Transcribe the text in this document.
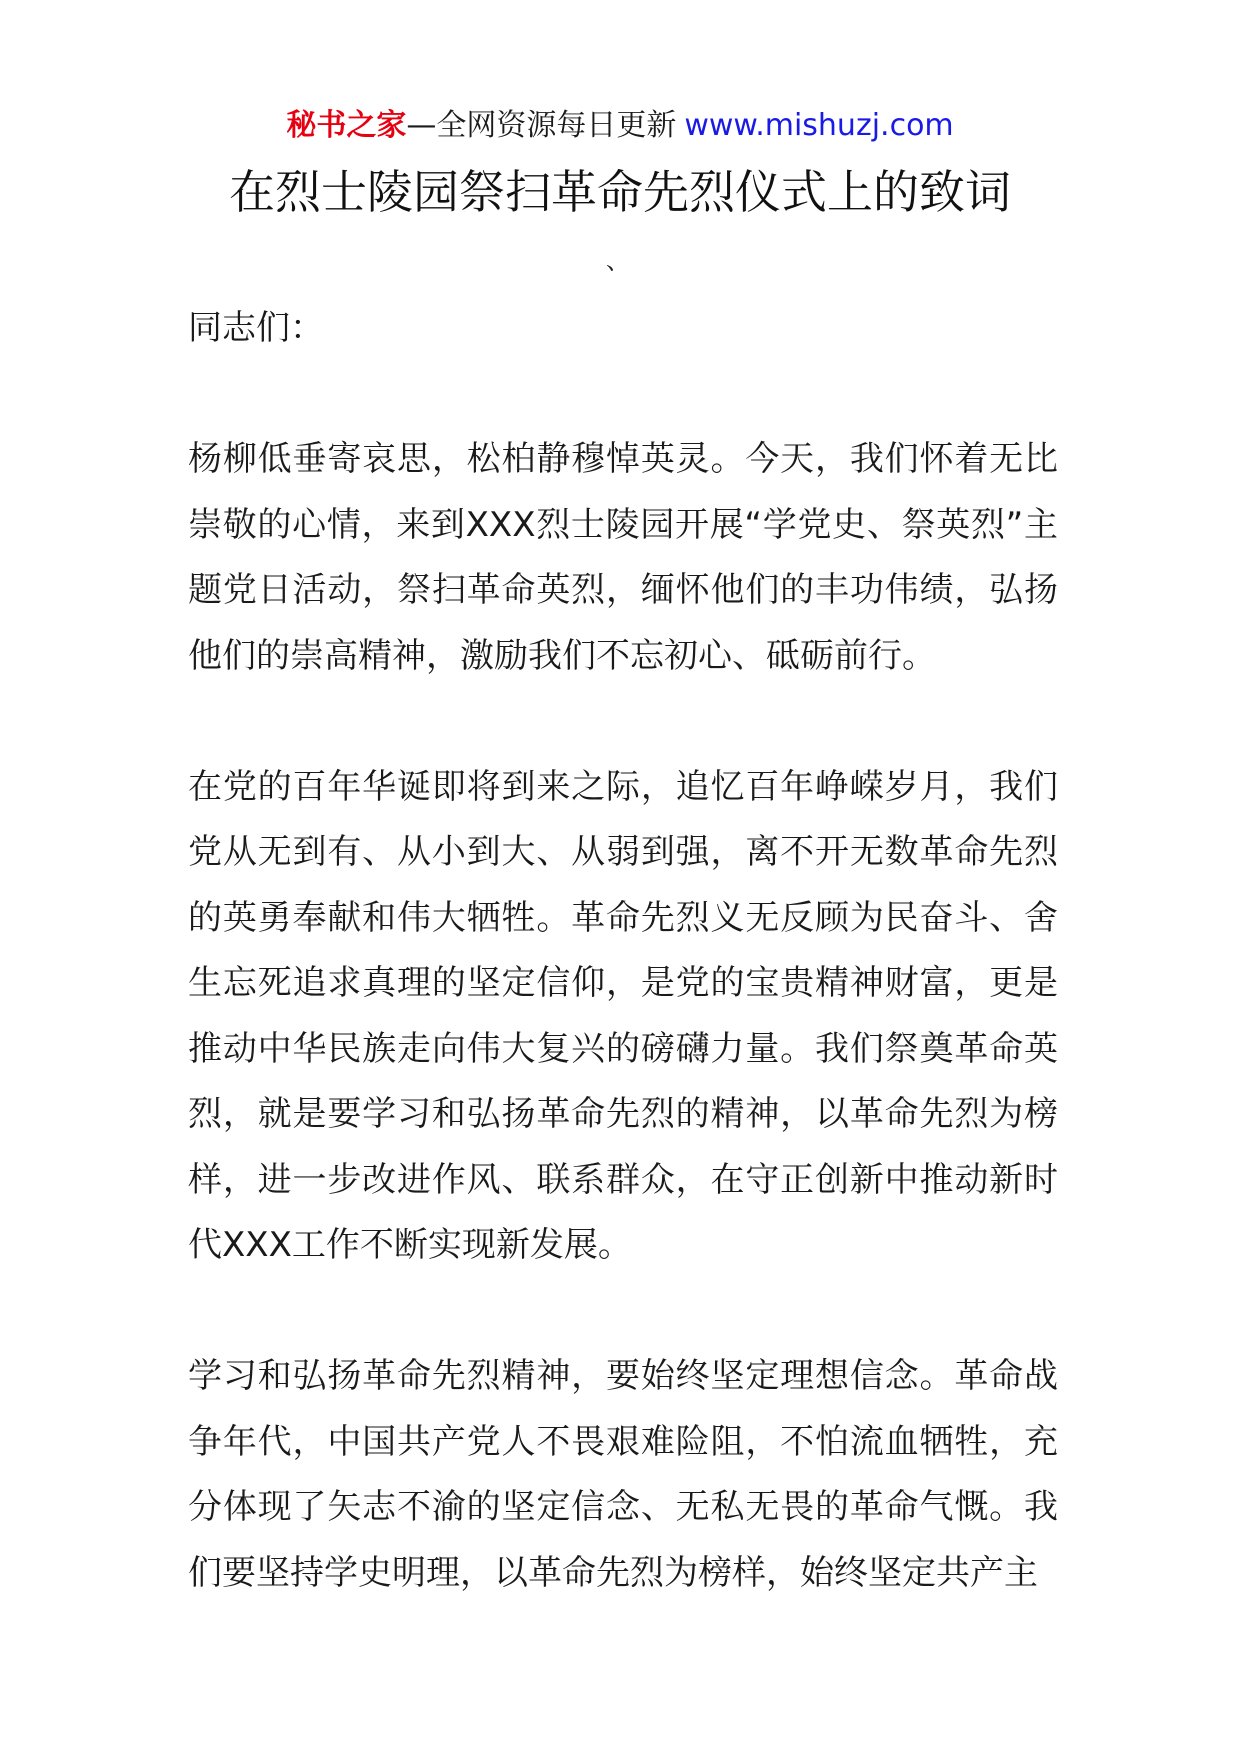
秘书之家—全网资源每日更新 www.mishuzj.com
在烈士陵园祭扫革命先烈仪式上的致词
、

同志们：

杨柳低垂寄哀思，松柏静穆悼英灵。今天，我们怀着无比崇敬的心情，来到XXX烈士陵园开展“学党史、祭英烈”主题党日活动，祭扫革命英烈，缅怀他们的丰功伟绩，弘扬他们的崇高精神，激励我们不忘初心、砥砺前行。

在党的百年华诞即将到来之际，追忆百年峥嵘岁月，我们党从无到有、从小到大、从弱到强，离不开无数革命先烈的英勇奉献和伟大牺牲。革命先烈义无反顾为民奋斗、舍生忘死追求真理的坚定信仰，是党的宝贵精神财富，更是推动中华民族走向伟大复兴的磅礴力量。我们祭奠革命英烈，就是要学习和弘扬革命先烈的精神，以革命先烈为榜样，进一步改进作风、联系群众，在守正创新中推动新时代XXX工作不断实现新发展。

学习和弘扬革命先烈精神，要始终坚定理想信念。革命战争年代，中国共产党人不畏艰难险阻，不怕流血牺牲，充分体现了矢志不渝的坚定信念、无私无畏的革命气慨。我们要坚持学史明理，以革命先烈为榜样，始终坚定共产主
